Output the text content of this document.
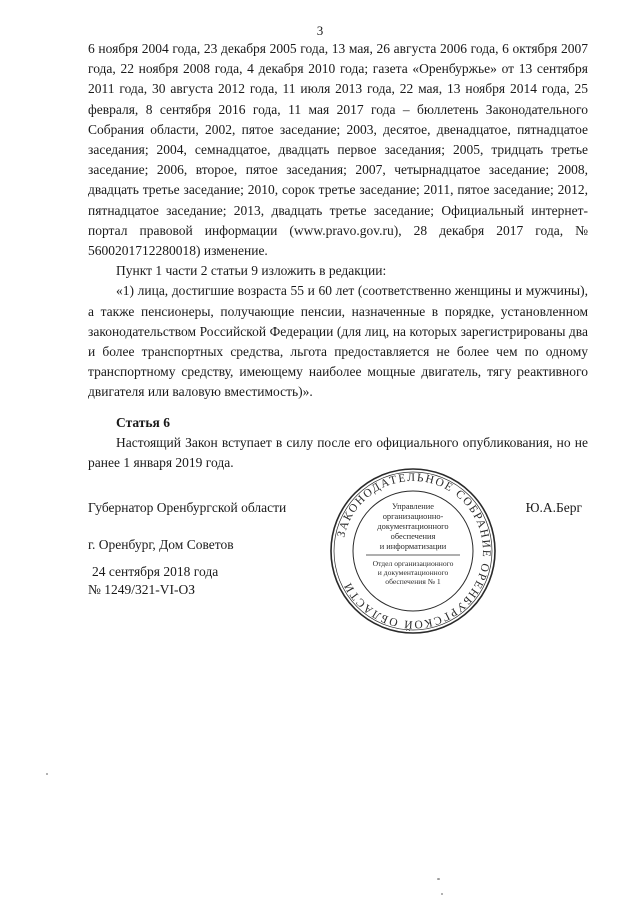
3

6 ноября 2004 года, 23 декабря 2005 года, 13 мая, 26 августа 2006 года, 6 октября 2007 года, 22 ноября 2008 года, 4 декабря 2010 года; газета «Оренбуржье» от 13 сентября 2011 года, 30 августа 2012 года, 11 июля 2013 года, 22 мая, 13 ноября 2014 года, 25 февраля, 8 сентября 2016 года, 11 мая 2017 года – бюллетень Законодательного Собрания области, 2002, пятое заседание; 2003, десятое, двенадцатое, пятнадцатое заседания; 2004, семнадцатое, двадцать первое заседания; 2005, тридцать третье заседание; 2006, второе, пятое заседания; 2007, четырнадцатое заседание; 2008, двадцать третье заседание; 2010, сорок третье заседание; 2011, пятое заседание; 2012, пятнадцатое заседание; 2013, двадцать третье заседание; Официальный интернет-портал правовой информации (www.pravo.gov.ru), 28 декабря 2017 года, № 5600201712280018) изменение.

Пункт 1 части 2 статьи 9 изложить в редакции:

«1) лица, достигшие возраста 55 и 60 лет (соответственно женщины и мужчины), а также пенсионеры, получающие пенсии, назначенные в порядке, установленном законодательством Российской Федерации (для лиц, на которых зарегистрированы два и более транспортных средства, льгота предоставляется не более чем по одному транспортному средству, имеющему наиболее мощные двигатель, тягу реактивного двигателя или валовую вместимость)».

Статья 6

Настоящий Закон вступает в силу после его официального опубликования, но не ранее 1 января 2019 года.

Губернатор Оренбургской области	Ю.А.Берг
г. Оренбург, Дом Советов
24 сентября 2018 года
№ 1249/321-VI-ОЗ
ЗАКОНОДАТЕЛЬНОЕ СОБРАНИЕ ОРЕНБУРГСКОЙ ОБЛАСТИ
Управление
организационно-
документационного
обеспечения
и информатизации
Отдел организационного
и документационного
обеспечения № 1
